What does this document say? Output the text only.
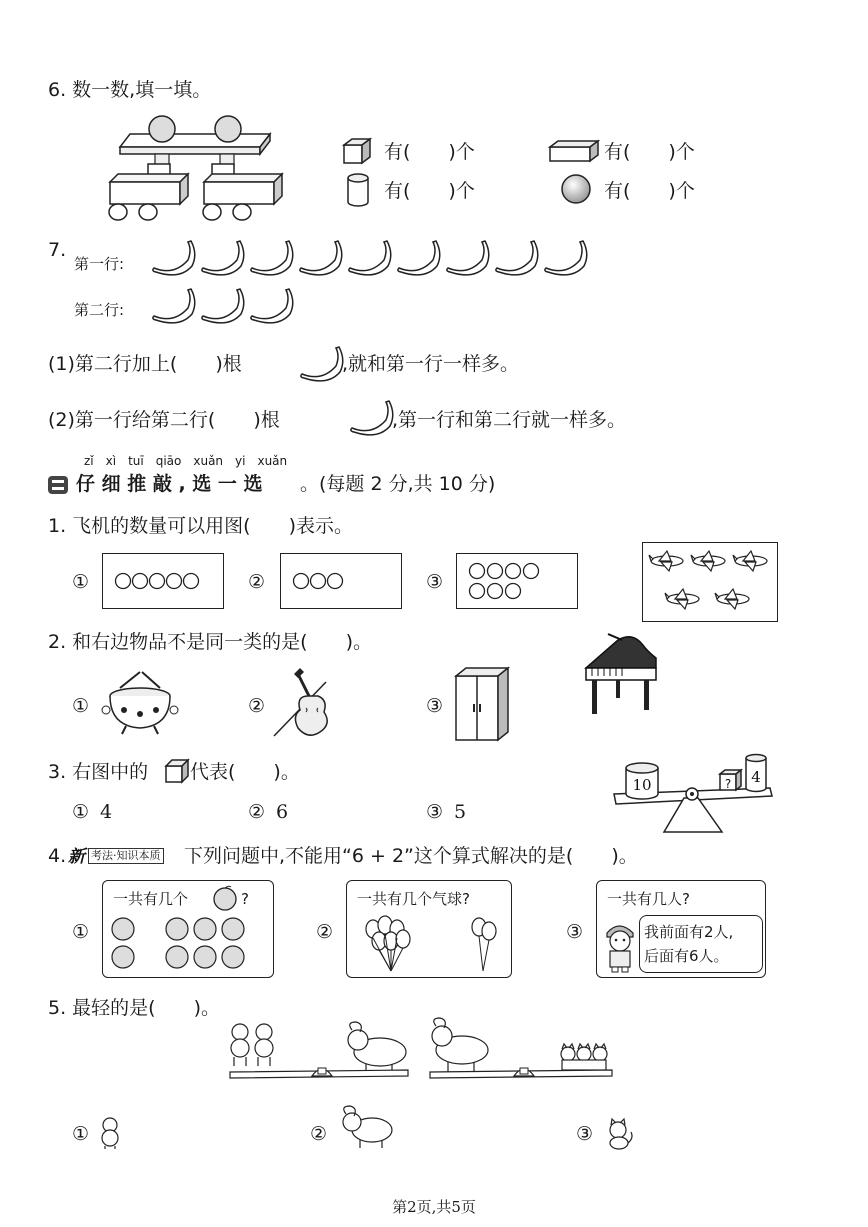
6. 数一数,填一填。
有(　　)个	有(　　)个
有(　　)个	有(　　)个
7.
第一行:
第二行:
(1)第二行加上(　　)根	,就和第一行一样多。
(2)第一行给第二行(　　)根	,第一行和第二行就一样多。
zǐ　xì　tuī　qiāo　xuǎn　yi　xuǎn
仔 细 推 敲 , 选 一 选 。(每题 2 分,共 10 分)
1. 飞机的数量可以用图(　　)表示。
①	②	③
2. 和右边物品不是同一类的是(　　)。
①	②	③
3. 右图中的 代表(　　)。
① 4	② 6	③ 5
10	? 4
4. 新 考法·知识本质 下列问题中,不能用“6 + 2”这个算式解决的是(　　)。
①
一共有几个	?
②
一共有几个气球?
③
一共有几人?
我前面有2人,
后面有6人。
5. 最轻的是(　　)。
①	②	③
第2页,共5页
